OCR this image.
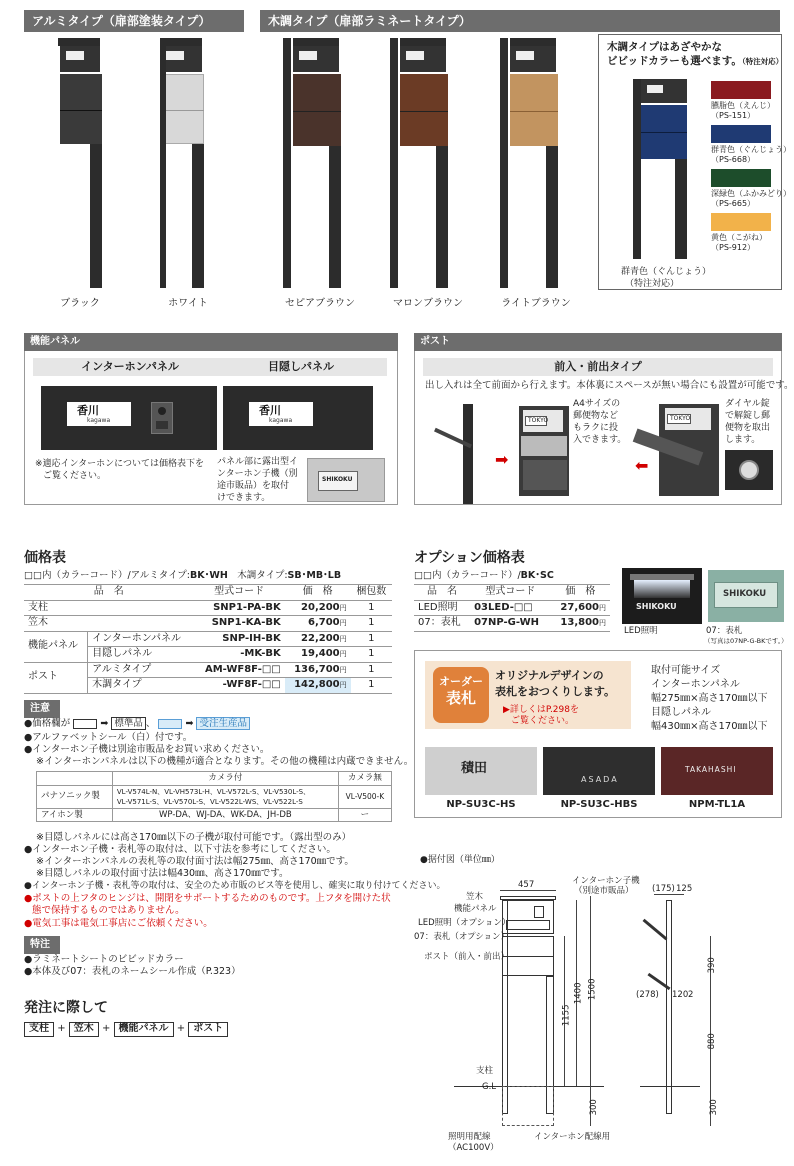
アルミタイプ（扉部塗装タイプ）	木調タイプ（扉部ラミネートタイプ）
ブラック	ホワイト	セピアブラウン	マロンブラウン	ライトブラウン
木調タイプはあざやかな
ビビッドカラーも選べます。（特注対応）
群青色（ぐんじょう）
（特注対応）
臙脂色（えんじ）
（PS-151）
群青色（ぐんじょう）
（PS-668）
深緑色（ふかみどり）
（PS-665）
黄色（こがね）
（PS-912）
機能パネル
インターホンパネル
香川
kagawa
※適応インターホンについては価格表下を
ご覧ください。
目隠しパネル
香川
kagawa
パネル部に露出型イ
ンターホン子機（別
途市販品）を取付
けできます。
SHIKOKU
ポスト
前入・前出タイプ
出し入れは全て前面から行えます。本体裏にスペースが無い場合にも設置が可能です。
TOKYO
➡
A4サイズの
郵便物など
もラクに投
入できます。
TOKYO
⬅
ダイヤル錠
で解錠し郵
便物を取出
します。
価格表
□□内（カラーコード）/アルミタイプ:BK･WH　木調タイプ:SB･MB･LB
品　名		型式コード	価　格	梱包数
支柱		SNP1-PA-BK	20,200円	1
笠木		SNP1-KA-BK	6,700円	1
機能パネル	インターホンパネル	SNP-IH-BK	22,200円	1
	目隠しパネル	-MK-BK	19,400円	1
ポスト	アルミタイプ	AM-WF8F-□□	136,700円	1
	木調タイプ	-WF8F-□□	142,800円	1
注意
●価格欄が	➡ 標準品 、	➡ 受注生産品
●アルファベットシール（白）付です。
●インターホン子機は別途市販品をお買い求めください。
※インターホンパネルは以下の機種が適合となります。その他の機種は内蔵できません。
	カメラ付	カメラ無
パナソニック製	VL-V574L-N、VL-VH573L-H、VL-V572L-S、VL-V530L-S、
VL-V571L-S、VL-V570L-S、VL-V522L-WS、VL-V522L-S	VL-V500-K
アイホン製	WP-DA、WJ-DA、WK-DA、JH-DB	ー
※目隠しパネルには高さ170㎜以下の子機が取付可能です。（露出型のみ）
●インターホン子機・表札等の取付は、以下寸法を参考にしてください。
※インターホンパネルの表札等の取付面寸法は幅275㎜、高さ170㎜です。
※目隠しパネルの取付面寸法は幅430㎜、高さ170㎜です。
●インターホン子機・表札等の取付は、安全のため市販のビス等を使用し、確実に取り付けてください。
●ポストの上フタのヒンジは、開閉をサポートするためのものです。上フタを開けた状
態で保持するものではありません。
●電気工事は電気工事店にご依頼ください。
特注
●ラミネートシートのビビッドカラー
●本体及び07：表札のネームシール作成（P.323）
発注に際して
支柱 + 笠木 + 機能パネル + ポスト
オプション価格表
□□内（カラーコード）/BK･SC
品　名	型式コード	価　格
LED照明	03LED-□□	27,600円
07：表札	07NP-G-WH	13,800円
SHIKOKU
LED照明
SHIKOKU
07：表札
（写真は07NP-G-BKです。）
オーダー
表札
オリジナルデザインの
表札をおつくりします。
▶詳しくはP.298を
ご覧ください。
取付可能サイズ
インターホンパネル
幅275㎜×高さ170㎜以下
目隠しパネル
幅430㎜×高さ170㎜以下
積田
NP-SU3C-HS
ASADA
NP-SU3C-HBS
TAKAHASHI
NPM-TL1A
●据付図（単位㎜）
457
1155
1400 1500
300
笠木
機能パネル
LED照明（オプション）
07：表札（オプション）
ポスト（前入・前出）
支柱
G.L
インターホン子機
（別途市販品）
照明用配線
（AC100V）
インターホン配線用
(175) 125
390
(278) 120 2
880
300
